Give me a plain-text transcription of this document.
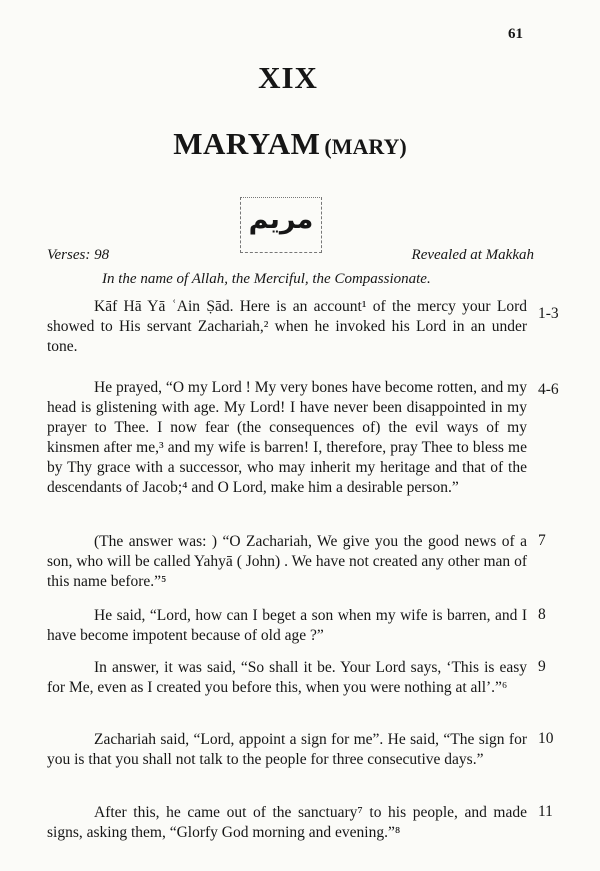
61
XIX
MARYAM (MARY)
مريم
Verses: 98	Revealed at Makkah
In the name of Allah, the Merciful, the Compassionate.

Kāf Hā Yā ʿAin Ṣād. Here is an account¹ of the mercy your Lord showed to His servant Zachariah,² when he invoked his Lord in an under tone.

1-3

He prayed, “O my Lord ! My very bones have become rotten, and my head is glistening with age. My Lord! I have never been disappointed in my prayer to Thee. I now fear (the consequences of) the evil ways of my kinsmen after me,³ and my wife is barren! I, therefore, pray Thee to bless me by Thy grace with a successor, who may inherit my heritage and that of the descendants of Jacob;⁴ and O Lord, make him a desirable person.”

4-6

(The answer was: ) “O Zachariah, We give you the good news of a son, who will be called Yahyā ( John) . We have not created any other man of this name before.”⁵

7

He said, “Lord, how can I beget a son when my wife is barren, and I have become impotent because of old age ?”

8

In answer, it was said, “So shall it be. Your Lord says, ‘This is easy for Me, even as I created you before this, when you were nothing at all’.”⁶

9

Zachariah said, “Lord, appoint a sign for me”. He said, “The sign for you is that you shall not talk to the people for three consecutive days.”

10

After this, he came out of the sanctuary⁷ to his people, and made signs, asking them, “Glorfy God morning and evening.”⁸

11
